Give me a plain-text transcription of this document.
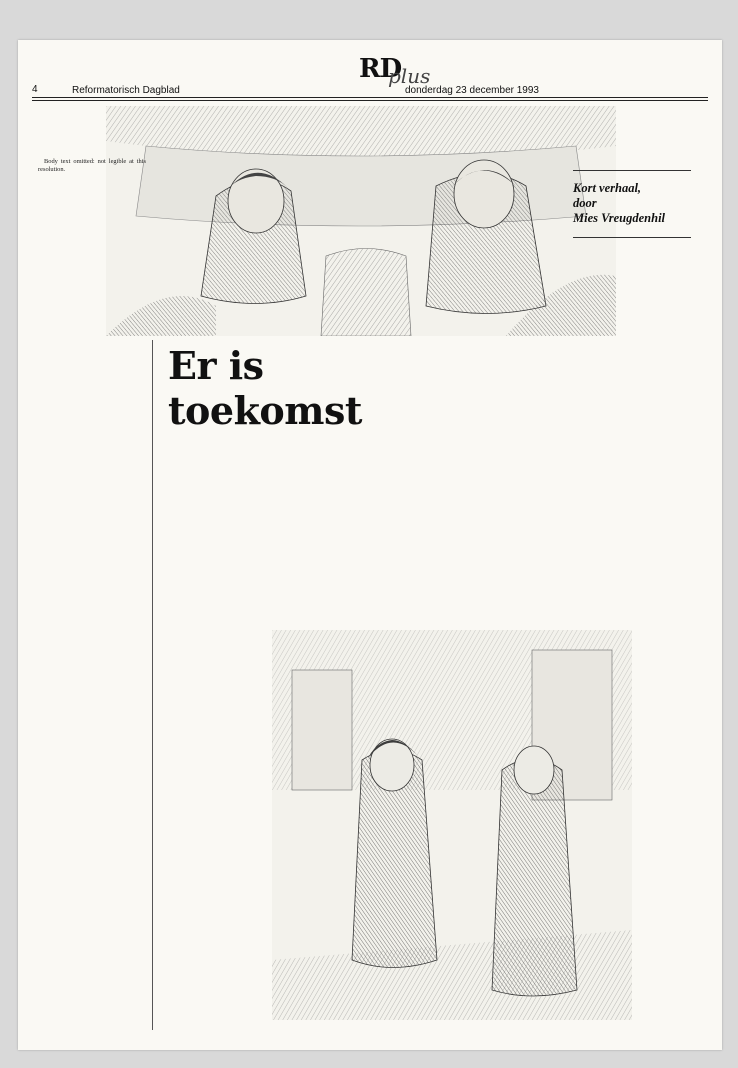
4	Reformatorisch Dagblad
RD
plus
donderdag 23 december 1993

Body text omitted: not legible at this resolution.

Er is toekomst
Kort verhaal,
door
Mies Vreugdenhil
